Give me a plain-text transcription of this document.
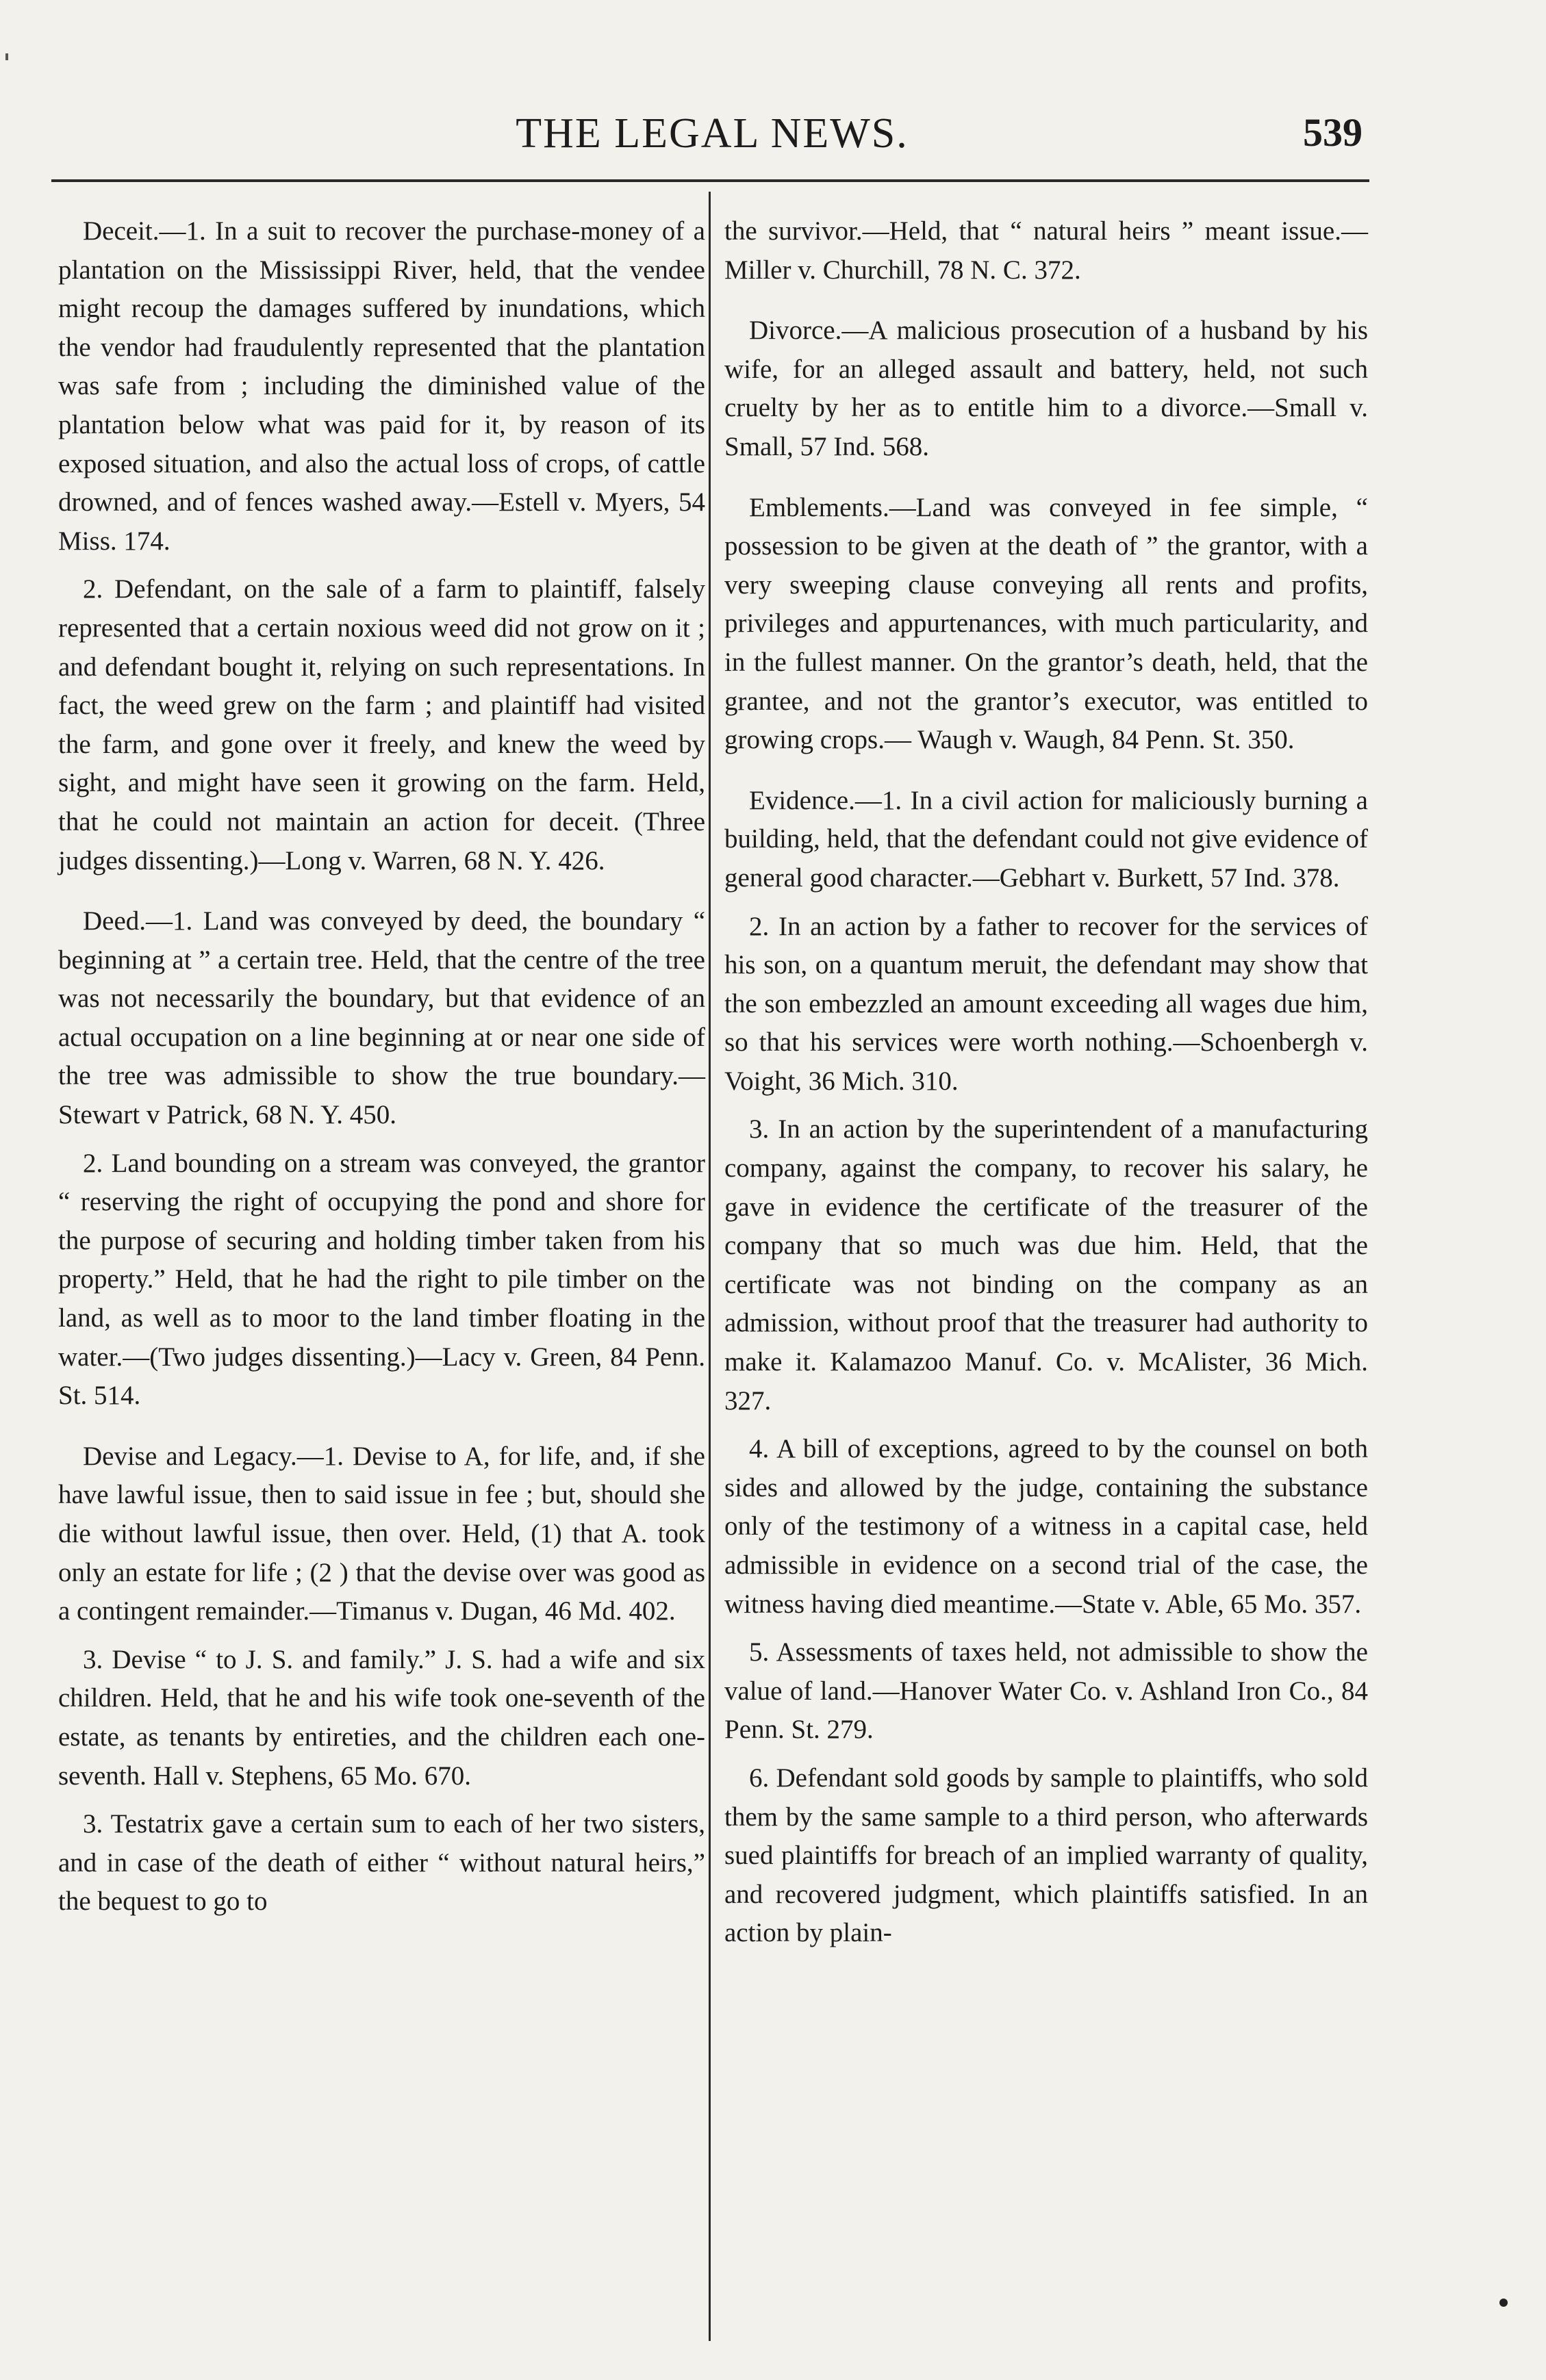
THE LEGAL NEWS.	539

Deceit.—1. In a suit to recover the purchase-money of a plantation on the Mississippi River, held, that the vendee might recoup the damages suffered by inundations, which the vendor had fraudulently represented that the plantation was safe from ; including the diminished value of the plantation below what was paid for it, by reason of its exposed situation, and also the actual loss of crops, of cattle drowned, and of fences washed away.—Estell v. Myers, 54 Miss. 174.

2. Defendant, on the sale of a farm to plaintiff, falsely represented that a certain noxious weed did not grow on it ; and defendant bought it, relying on such representations. In fact, the weed grew on the farm ; and plaintiff had visited the farm, and gone over it freely, and knew the weed by sight, and might have seen it growing on the farm. Held, that he could not maintain an action for deceit. (Three judges dissenting.)—Long v. Warren, 68 N. Y. 426.

Deed.—1. Land was conveyed by deed, the boundary “ beginning at ” a certain tree. Held, that the centre of the tree was not necessarily the boundary, but that evidence of an actual occupation on a line beginning at or near one side of the tree was admissible to show the true boundary.— Stewart v Patrick, 68 N. Y. 450.

2. Land bounding on a stream was conveyed, the grantor “ reserving the right of occupying the pond and shore for the purpose of securing and holding timber taken from his property.” Held, that he had the right to pile timber on the land, as well as to moor to the land timber floating in the water.—(Two judges dissenting.)—Lacy v. Green, 84 Penn. St. 514.

Devise and Legacy.—1. Devise to A, for life, and, if she have lawful issue, then to said issue in fee ; but, should she die without lawful issue, then over. Held, (1) that A. took only an estate for life ; (2 ) that the devise over was good as a contingent remainder.—Timanus v. Dugan, 46 Md. 402.

3. Devise “ to J. S. and family.” J. S. had a wife and six children. Held, that he and his wife took one-seventh of the estate, as tenants by entireties, and the children each one-seventh. Hall v. Stephens, 65 Mo. 670.

3. Testatrix gave a certain sum to each of her two sisters, and in case of the death of either “ without natural heirs,” the bequest to go to

the survivor.—Held, that “ natural heirs ” meant issue.—Miller v. Churchill, 78 N. C. 372.

Divorce.—A malicious prosecution of a husband by his wife, for an alleged assault and battery, held, not such cruelty by her as to entitle him to a divorce.—Small v. Small, 57 Ind. 568.

Emblements.—Land was conveyed in fee simple, “ possession to be given at the death of ” the grantor, with a very sweeping clause conveying all rents and profits, privileges and appurtenances, with much particularity, and in the fullest manner. On the grantor’s death, held, that the grantee, and not the grantor’s executor, was entitled to growing crops.— Waugh v. Waugh, 84 Penn. St. 350.

Evidence.—1. In a civil action for maliciously burning a building, held, that the defendant could not give evidence of general good character.—Gebhart v. Burkett, 57 Ind. 378.

2. In an action by a father to recover for the services of his son, on a quantum meruit, the defendant may show that the son embezzled an amount exceeding all wages due him, so that his services were worth nothing.—Schoenbergh v. Voight, 36 Mich. 310.

3. In an action by the superintendent of a manufacturing company, against the company, to recover his salary, he gave in evidence the certificate of the treasurer of the company that so much was due him. Held, that the certificate was not binding on the company as an admission, without proof that the treasurer had authority to make it. Kalamazoo Manuf. Co. v. McAlister, 36 Mich. 327.

4. A bill of exceptions, agreed to by the counsel on both sides and allowed by the judge, containing the substance only of the testimony of a witness in a capital case, held admissible in evidence on a second trial of the case, the witness having died meantime.—State v. Able, 65 Mo. 357.

5. Assessments of taxes held, not admissible to show the value of land.—Hanover Water Co. v. Ashland Iron Co., 84 Penn. St. 279.

6. Defendant sold goods by sample to plaintiffs, who sold them by the same sample to a third person, who afterwards sued plaintiffs for breach of an implied warranty of quality, and recovered judgment, which plaintiffs satisfied. In an action by plain-
